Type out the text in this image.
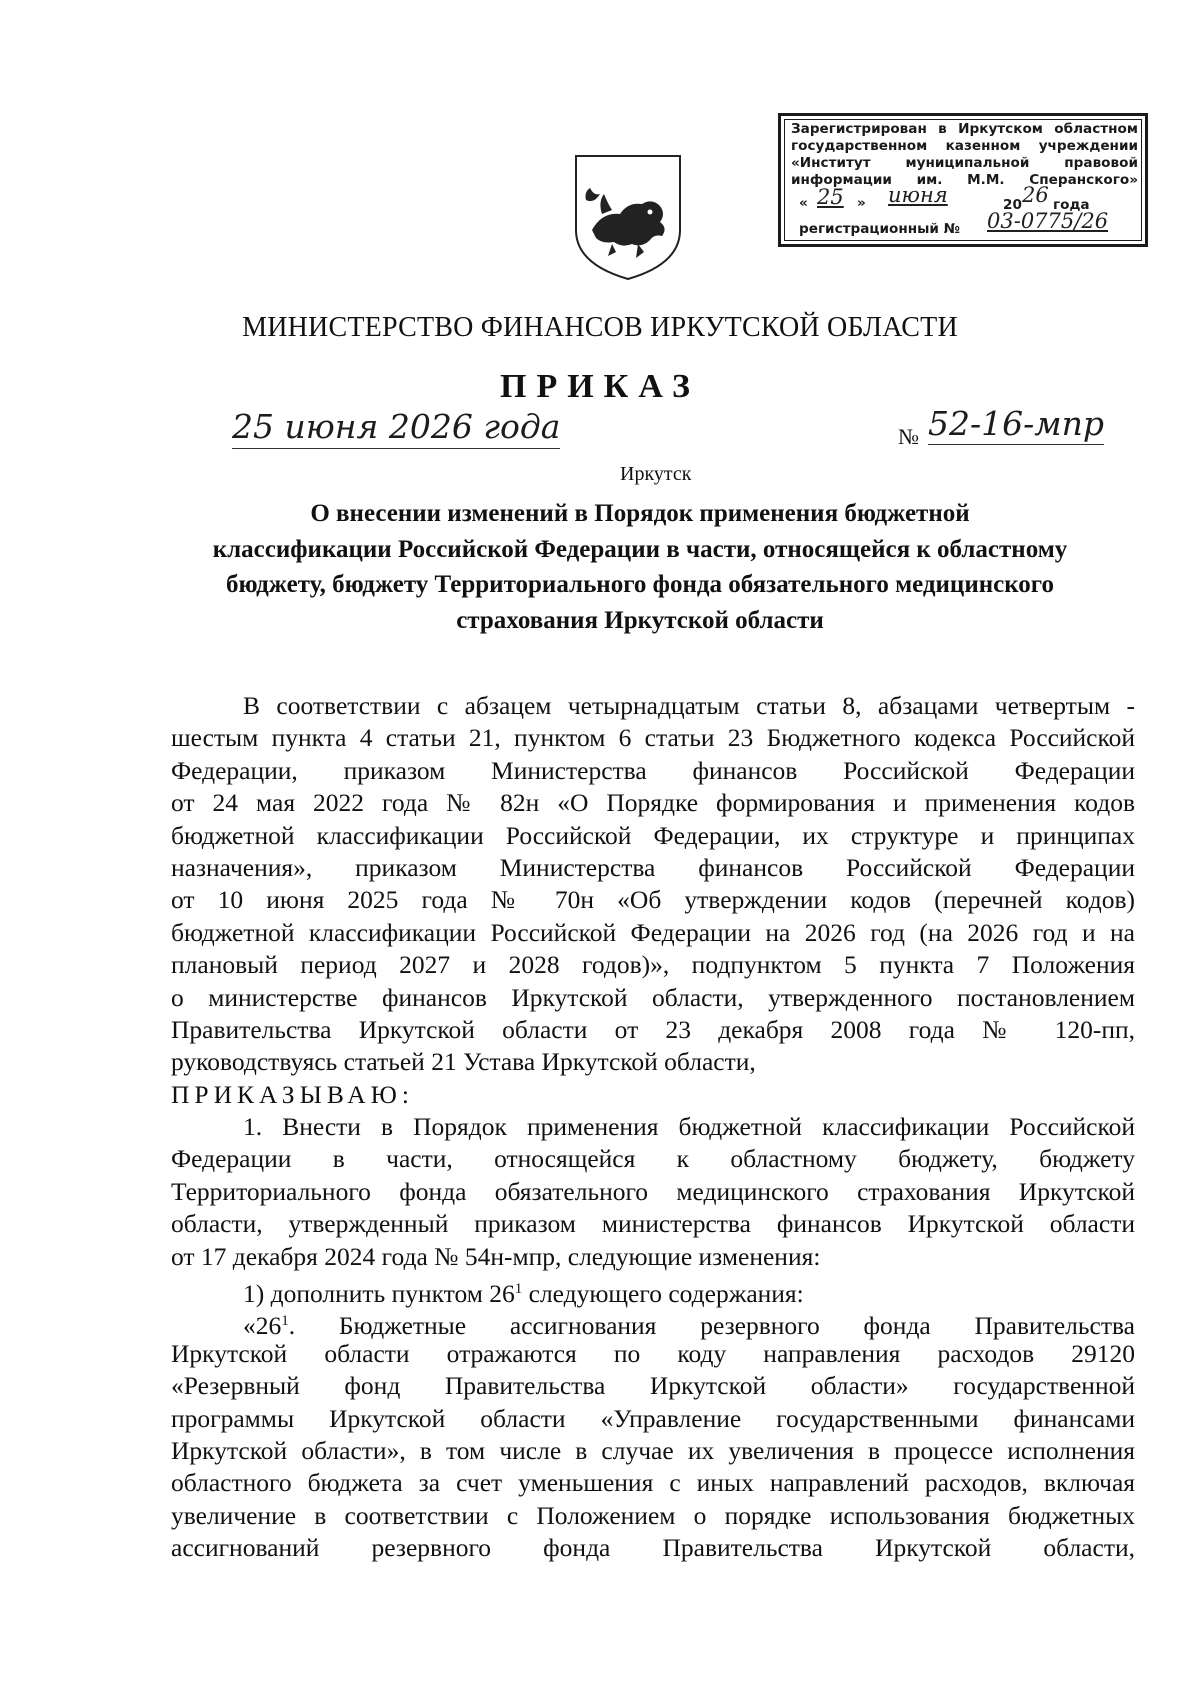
Зарегистрирован в Иркутском областном
государственном казенном учреждении
«Институт муниципальной правовой
информации им. М.М. Сперанского»
« 25 » июня	20 26 года
регистрационный № 03-0775/26
МИНИСТЕРСТВО ФИНАНСОВ ИРКУТСКОЙ ОБЛАСТИ
ПРИКАЗ
25 июня 2026 года	№ 52-16-мпр
Иркутск
О внесении изменений в Порядок применения бюджетной
классификации Российской Федерации в части, относящейся к областному
бюджету, бюджету Территориального фонда обязательного медицинского
страхования Иркутской области
В соответствии с абзацем четырнадцатым статьи 8, абзацами четвертым -
шестым пункта 4 статьи 21, пунктом 6 статьи 23 Бюджетного кодекса Российской
Федерации, приказом Министерства финансов Российской Федерации
от 24 мая 2022 года № 82н «О Порядке формирования и применения кодов
бюджетной классификации Российской Федерации, их структуре и принципах
назначения», приказом Министерства финансов Российской Федерации
от 10 июня 2025 года № 70н «Об утверждении кодов (перечней кодов)
бюджетной классификации Российской Федерации на 2026 год (на 2026 год и на
плановый период 2027 и 2028 годов)», подпунктом 5 пункта 7 Положения
о министерстве финансов Иркутской области, утвержденного постановлением
Правительства Иркутской области от 23 декабря 2008 года № 120-пп,
руководствуясь статьей 21 Устава Иркутской области,
ПРИКАЗЫВАЮ:
1. Внести в Порядок применения бюджетной классификации Российской
Федерации в части, относящейся к областному бюджету, бюджету
Территориального фонда обязательного медицинского страхования Иркутской
области, утвержденный приказом министерства финансов Иркутской области
от 17 декабря 2024 года № 54н-мпр, следующие изменения:
1) дополнить пунктом $26^1$ следующего содержания:
«$26^1$. Бюджетные ассигнования резервного фонда Правительства
Иркутской области отражаются по коду направления расходов 29120
«Резервный фонд Правительства Иркутской области» государственной
программы Иркутской области «Управление государственными финансами
Иркутской области», в том числе в случае их увеличения в процессе исполнения
областного бюджета за счет уменьшения с иных направлений расходов, включая
увеличение в соответствии с Положением о порядке использования бюджетных
ассигнований резервного фонда Правительства Иркутской области,
